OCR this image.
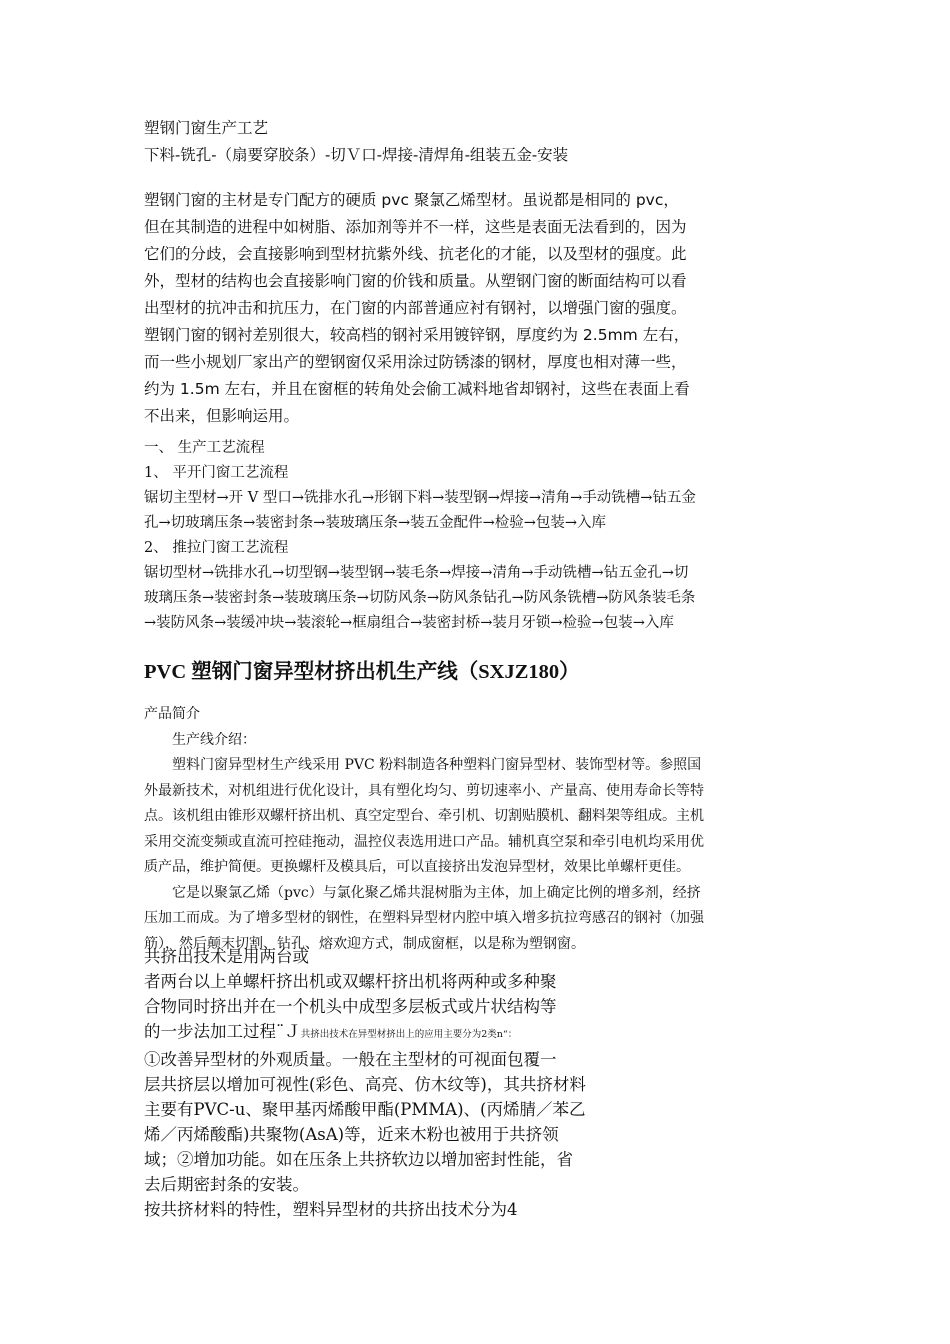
塑钢门窗生产工艺
下料-铣孔-（扇要穿胶条）-切Ｖ口-焊接-清焊角-组装五金-安装
塑钢门窗的主材是专门配方的硬质 pvc 聚氯乙烯型材。虽说都是相同的 pvc，
但在其制造的进程中如树脂、添加剂等并不一样，这些是表面无法看到的，因为
它们的分歧，会直接影响到型材抗紫外线、抗老化的才能，以及型材的强度。此
外，型材的结构也会直接影响门窗的价钱和质量。从塑钢门窗的断面结构可以看
出型材的抗冲击和抗压力，在门窗的内部普通应衬有钢衬，以增强门窗的强度。
塑钢门窗的钢衬差别很大，较高档的钢衬采用镀锌钢，厚度约为 2.5mm 左右，
而一些小规划厂家出产的塑钢窗仅采用涂过防锈漆的钢材，厚度也相对薄一些，
约为 1.5m 左右，并且在窗框的转角处会偷工减料地省却钢衬，这些在表面上看
不出来，但影响运用。
一、 生产工艺流程
1、 平开门窗工艺流程
锯切主型材→开 V 型口→铣排水孔→形钢下料→装型钢→焊接→清角→手动铣槽→钻五金
孔→切玻璃压条→装密封条→装玻璃压条→装五金配件→检验→包装→入库
2、 推拉门窗工艺流程
锯切型材→铣排水孔→切型钢→装型钢→装毛条→焊接→清角→手动铣槽→钻五金孔→切
玻璃压条→装密封条→装玻璃压条→切防风条→防风条钻孔→防风条铣槽→防风条装毛条
→装防风条→装缓冲块→装滚轮→框扇组合→装密封桥→装月牙锁→检验→包装→入库
PVC 塑钢门窗异型材挤出机生产线（SXJZ180）
产品简介
生产线介绍：
塑料门窗异型材生产线采用 PVC 粉料制造各种塑料门窗异型材、装饰型材等。参照国
外最新技术，对机组进行优化设计，具有塑化均匀、剪切速率小、产量高、使用寿命长等特
点。该机组由锥形双螺杆挤出机、真空定型台、牵引机、切割贴膜机、翻料架等组成。主机
采用交流变频或直流可控硅拖动，温控仪表选用进口产品。辅机真空泵和牵引电机均采用优
质产品，维护简便。更换螺杆及模具后，可以直接挤出发泡异型材，效果比单螺杆更佳。
它是以聚氯乙烯（pvc）与氯化聚乙烯共混树脂为主体，加上确定比例的增多剂，经挤
压加工而成。为了增多型材的钢性，在塑料异型材内腔中填入增多抗拉弯感召的钢衬（加强
筋），然后颠末切割、钻孔、熔欢迎方式，制成窗框，以是称为塑钢窗。
共挤出技术是用两台或
者两台以上单螺杆挤出机或双螺杆挤出机将两种或多种聚
合物同时挤出并在一个机头中成型多层板式或片状结构等
的一步法加工过程¨Ｊ共挤出技术在异型材挤出上的应用主要分为2类n“：
①改善异型材的外观质量。一般在主型材的可视面包覆一
层共挤层以增加可视性(彩色、高亮、仿木纹等)，其共挤材料
主要有PVC-u、聚甲基丙烯酸甲酯(PMMA)、(丙烯腈／苯乙
烯／丙烯酸酯)共聚物(AsA)等，近来木粉也被用于共挤领
域；②增加功能。如在压条上共挤软边以增加密封性能，省
去后期密封条的安装。
按共挤材料的特性，塑料异型材的共挤出技术分为4
